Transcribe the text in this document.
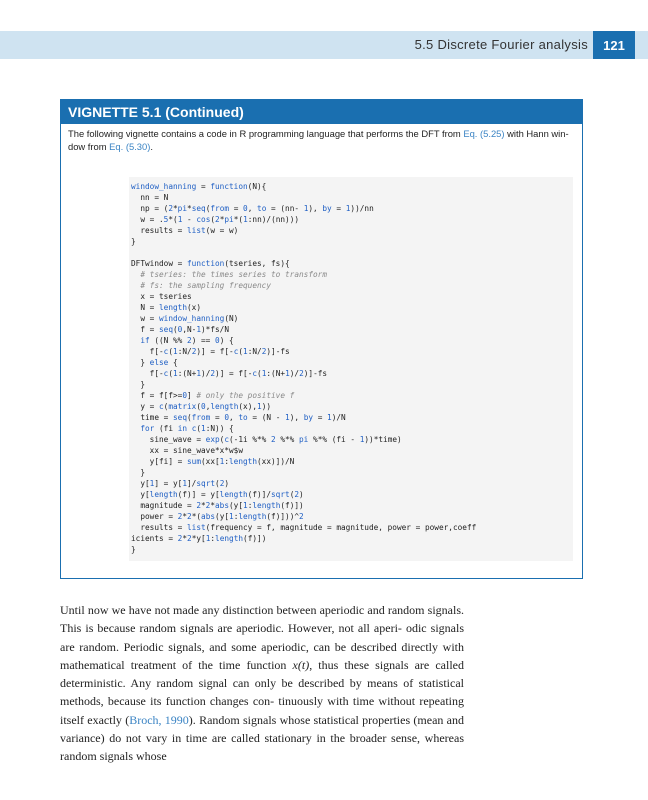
5.5 Discrete Fourier analysis	121
VIGNETTE 5.1 (Continued)
The following vignette contains a code in R programming language that performs the DFT from Eq. (5.25) with Hann win- dow from Eq. (5.30).
window_hanning = function(N){
nn = N
np = (2*pi*seq(from = 0, to = (nn- 1), by = 1))/nn
w = .5*(1 - cos(2*pi*(1:nn)/(nn)))
results = list(w = w)
}

DFTwindow = function(tseries, fs){
# tseries: the times series to transform
# fs: the sampling frequency
x = tseries
N = length(x)
w = window_hanning(N)
f = seq(0,N-1)*fs/N
if ((N %% 2) == 0) {
f[-c(1:N/2)] = f[-c(1:N/2)]-fs
} else {
f[-c(1:(N+1)/2)] = f[-c(1:(N+1)/2)]-fs
}
f = f[f>=0] # only the positive f
y = c(matrix(0,length(x),1))
time = seq(from = 0, to = (N - 1), by = 1)/N
for (fi in c(1:N)) {
sine_wave = exp(c(-1i %*% 2 %*% pi %*% (fi - 1))*time)
xx = sine_wave*x*w$w
y[fi] = sum(xx[1:length(xx)])/N
}
y[1] = y[1]/sqrt(2)
y[length(f)] = y[length(f)]/sqrt(2)
magnitude = 2*2*abs(y[1:length(f)])
power = 2*2*(abs(y[1:length(f)]))^2
results = list(frequency = f, magnitude = magnitude, power = power,coeff
icients = 2*2*y[1:length(f)])
}

Until now we have not made any distinction between aperiodic and random signals. This is because random signals are aperiodic. However, not all aperi- odic signals are random. Periodic signals, and some aperiodic, can be described directly with mathematical treatment of the time function x(t), thus these signals are called deterministic. Any random signal can only be described by means of statistical methods, because its function changes con- tinuously with time without repeating itself exactly (Broch, 1990). Random signals whose statistical properties (mean and variance) do not vary in time are called stationary in the broader sense, whereas random signals whose
